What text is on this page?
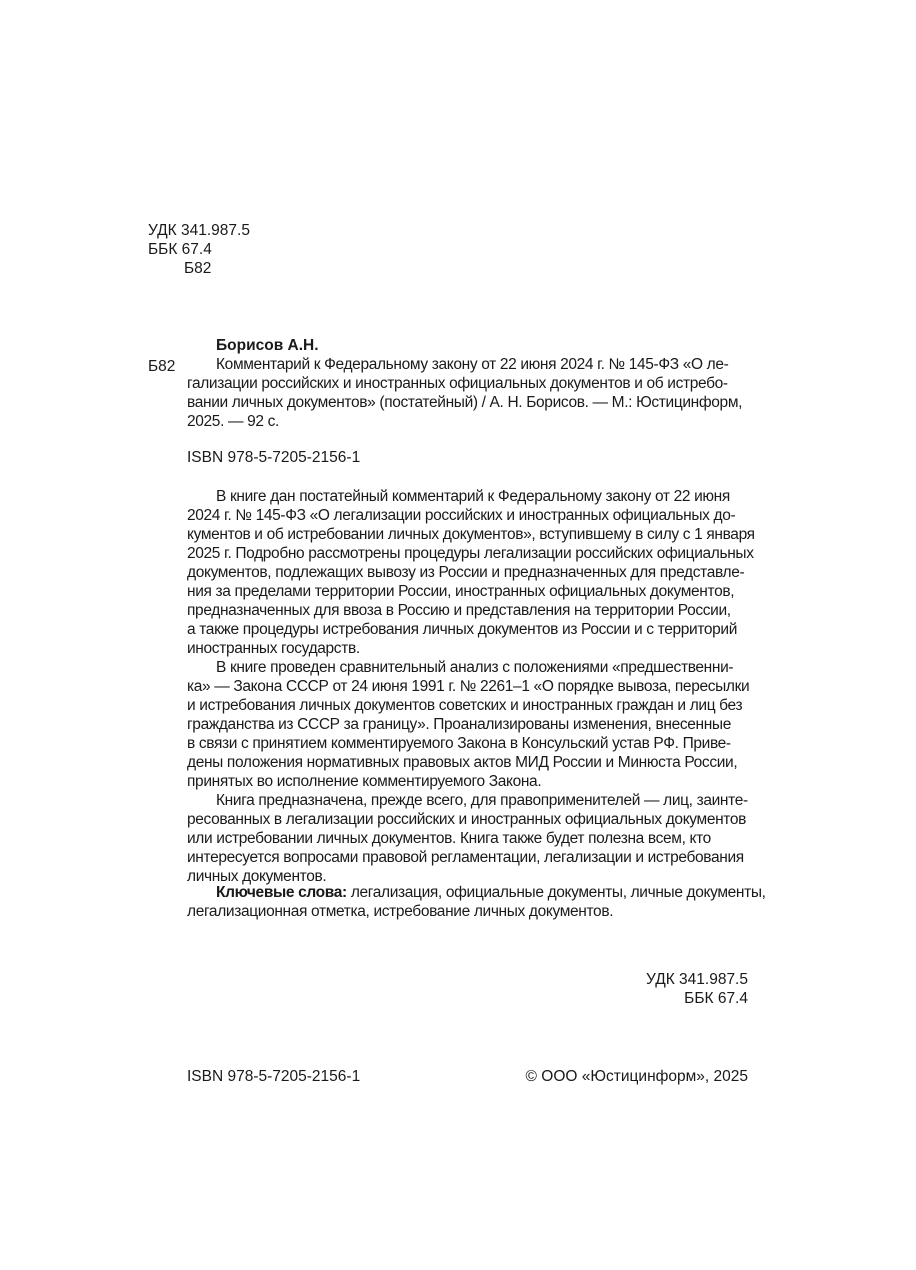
УДК 341.987.5
ББК 67.4
Б82
Борисов А.Н.
Б82	Комментарий к Федеральному закону от 22 июня 2024 г. № 145-ФЗ «О ле-
гализации российских и иностранных официальных документов и об истребо-
вании личных документов» (постатейный) / А. Н. Борисов. — М.: Юстицинформ,
2025. — 92 с.
ISBN 978-5-7205-2156-1
В книге дан постатейный комментарий к Федеральному закону от 22 июня
2024 г. № 145-ФЗ «О легализации российских и иностранных официальных до-
кументов и об истребовании личных документов», вступившему в силу с 1 января
2025 г. Подробно рассмотрены процедуры легализации российских официальных
документов, подлежащих вывозу из России и предназначенных для представле-
ния за пределами территории России, иностранных официальных документов,
предназначенных для ввоза в Россию и представления на территории России,
а также процедуры истребования личных документов из России и с территорий
иностранных государств.
В книге проведен сравнительный анализ с положениями «предшественни-
ка» — Закона СССР от 24 июня 1991 г. № 2261–1 «О порядке вывоза, пересылки
и истребования личных документов советских и иностранных граждан и лиц без
гражданства из СССР за границу». Проанализированы изменения, внесенные
в связи с принятием комментируемого Закона в Консульский устав РФ. Приве-
дены положения нормативных правовых актов МИД России и Минюста России,
принятых во исполнение комментируемого Закона.
Книга предназначена, прежде всего, для правоприменителей — лиц, заинте-
ресованных в легализации российских и иностранных официальных документов
или истребовании личных документов. Книга также будет полезна всем, кто
интересуется вопросами правовой регламентации, легализации и истребования
личных документов.
Ключевые слова: легализация, официальные документы, личные документы,
легализационная отметка, истребование личных документов.
УДК 341.987.5
ББК 67.4
ISBN 978-5-7205-2156-1	© ООО «Юстицинформ», 2025
